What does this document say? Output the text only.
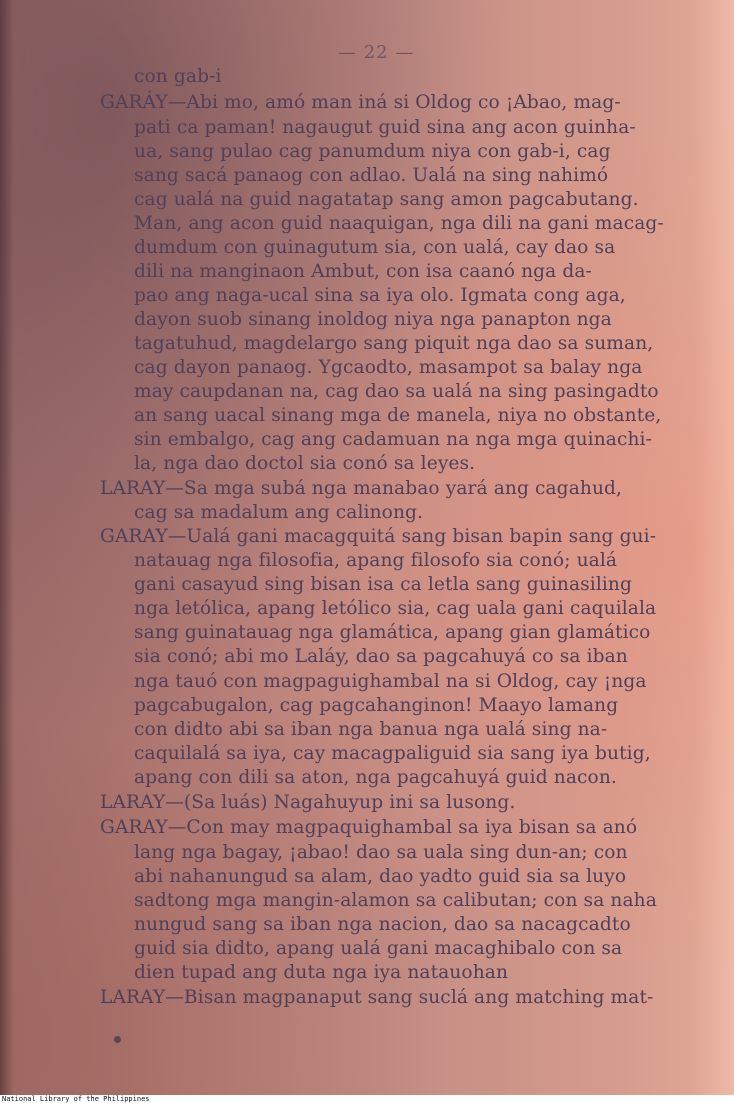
— 22 —
con gab-i
GARÁY—Abi mo, amó man iná si Oldog co ¡Abao, mag-
pati ca paman! nagaugut guid sina ang acon guinha-
ua, sang pulao cag panumdum niya con gab-i, cag
sang sacá panaog con adlao. Ualá na sing nahimó
cag ualá na guid nagatatap sang amon pagcabutang.
Man, ang acon guid naaquigan, nga dili na gani macag-
dumdum con guinagutum sia, con ualá, cay dao sa
dili na manginaon Ambut, con isa caanó nga da-
pao ang naga-ucal sina sa iya olo. Igmata cong aga,
dayon suob sinang inoldog niya nga panapton nga
tagatuhud, magdelargo sang piquit nga dao sa suman,
cag dayon panaog. Ygcaodto, masampot sa balay nga
may caupdanan na, cag dao sa ualá na sing pasingadto
an sang uacal sinang mga de manela, niya no obstante,
sin embalgo, cag ang cadamuan na nga mga quinachi-
la, nga dao doctol sia conó sa leyes.
LARAY—Sa mga subá nga manabao yará ang cagahud,
cag sa madalum ang calinong.
GARAY—Ualá gani macagquitá sang bisan bapin sang gui-
natauag nga filosofia, apang filosofo sia conó; ualá
gani casayud sing bisan isa ca letla sang guinasiling
nga letólica, apang letólico sia, cag uala gani caquilala
sang guinatauag nga glamática, apang gian glamático
sia conó; abi mo Laláy, dao sa pagcahuyá co sa iban
nga tauó con magpaguighambal na si Oldog, cay ¡nga
pagcabugalon, cag pagcahanginon! Maayo lamang
con didto abi sa iban nga banua nga ualá sing na-
caquilalá sa iya, cay macagpaliguid sia sang iya butig,
apang con dili sa aton, nga pagcahuyá guid nacon.
LARAY—(Sa luás) Nagahuyup ini sa lusong.
GARAY—Con may magpaquighambal sa iya bisan sa anó
lang nga bagay, ¡abao! dao sa uala sing dun-an; con
abi nahanungud sa alam, dao yadto guid sia sa luyo
sadtong mga mangin-alamon sa calibutan; con sa naha
nungud sang sa iban nga nacion, dao sa nacagcadto
guid sia didto, apang ualá gani macaghibalo con sa
dien tupad ang duta nga iya natauohan
LARAY—Bisan magpanaput sang suclá ang matching mat-
National Library of the Philippines
